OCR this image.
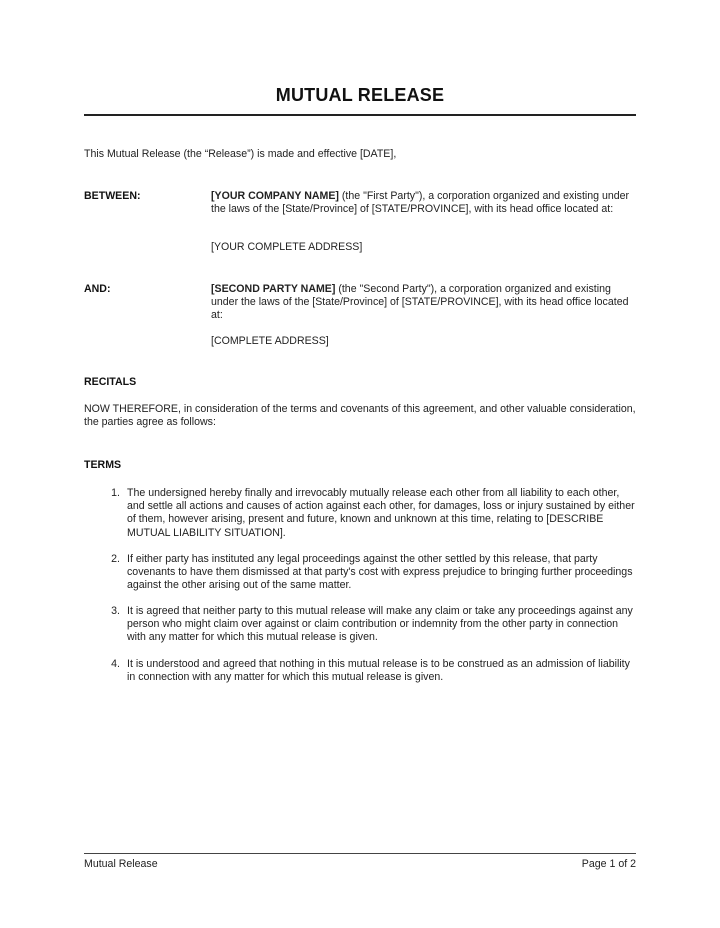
MUTUAL RELEASE

This Mutual Release (the “Release”) is made and effective [DATE],

BETWEEN:	[YOUR COMPANY NAME] (the "First Party"), a corporation organized and existing under the laws of the [State/Province] of [STATE/PROVINCE], with its head office located at:

[YOUR COMPLETE ADDRESS]

AND:	[SECOND PARTY NAME] (the "Second Party"), a corporation organized and existing under the laws of the [State/Province] of [STATE/PROVINCE], with its head office located at:

[COMPLETE ADDRESS]

RECITALS

NOW THEREFORE, in consideration of the terms and covenants of this agreement, and other valuable consideration, the parties agree as follows:

TERMS
1. The undersigned hereby finally and irrevocably mutually release each other from all liability to each other, and settle all actions and causes of action against each other, for damages, loss or injury sustained by either of them, however arising, present and future, known and unknown at this time, relating to [DESCRIBE MUTUAL LIABILITY SITUATION].

2. If either party has instituted any legal proceedings against the other settled by this release, that party covenants to have them dismissed at that party's cost with express prejudice to bringing further proceedings against the other arising out of the same matter.

3. It is agreed that neither party to this mutual release will make any claim or take any proceedings against any person who might claim over against or claim contribution or indemnity from the other party in connection with any matter for which this mutual release is given.

4. It is understood and agreed that nothing in this mutual release is to be construed as an admission of liability in connection with any matter for which this mutual release is given.

Mutual Release	Page 1 of 2
